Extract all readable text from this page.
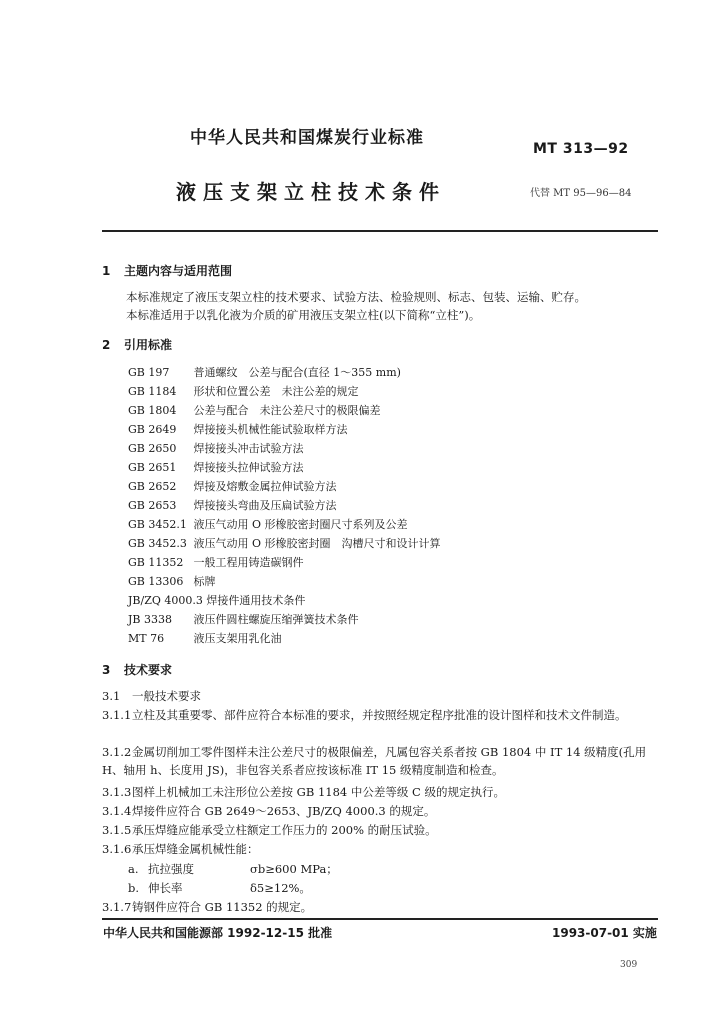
中华人民共和国煤炭行业标准
MT 313—92
液压支架立柱技术条件	代替 MT 95—96—84
1 主题内容与适用范围
本标准规定了液压支架立柱的技术要求、试验方法、检验规则、标志、包装、运输、贮存。
本标准适用于以乳化液为介质的矿用液压支架立柱(以下简称“立柱”)。
2 引用标准
GB 197 普通螺纹　公差与配合(直径 1～355 mm)
GB 1184 形状和位置公差　未注公差的规定
GB 1804 公差与配合　未注公差尺寸的极限偏差
GB 2649 焊接接头机械性能试验取样方法
GB 2650 焊接接头冲击试验方法
GB 2651 焊接接头拉伸试验方法
GB 2652 焊接及熔敷金属拉伸试验方法
GB 2653 焊接接头弯曲及压扁试验方法
GB 3452.1 液压气动用 O 形橡胶密封圈尺寸系列及公差
GB 3452.3 液压气动用 O 形橡胶密封圈　沟槽尺寸和设计计算
GB 11352 一般工程用铸造碳钢件
GB 13306 标牌
JB/ZQ 4000.3 焊接件通用技术条件
JB 3338 液压件圆柱螺旋压缩弹簧技术条件
MT 76	液压支架用乳化油
3 技术要求
3.1 一般技术要求
3.1.1立柱及其重要零、部件应符合本标准的要求，并按照经规定程序批准的设计图样和技术文件制造。
3.1.2金属切削加工零件图样未注公差尺寸的极限偏差，凡属包容关系者按 GB 1804 中 IT 14 级精度(孔用 H、轴用 h、长度用 JS)，非包容关系者应按该标准 IT 15 级精度制造和检查。
3.1.3图样上机械加工未注形位公差按 GB 1184 中公差等级 C 级的规定执行。
3.1.4焊接件应符合 GB 2649～2653、JB/ZQ 4000.3 的规定。
3.1.5承压焊缝应能承受立柱额定工作压力的 200% 的耐压试验。
3.1.6承压焊缝金属机械性能：
a. 抗拉强度	σb≥600 MPa；
b. 伸长率	δ5≥12%。
3.1.7铸钢件应符合 GB 11352 的规定。
中华人民共和国能源部 1992-12-15 批准	1993-07-01 实施
309
